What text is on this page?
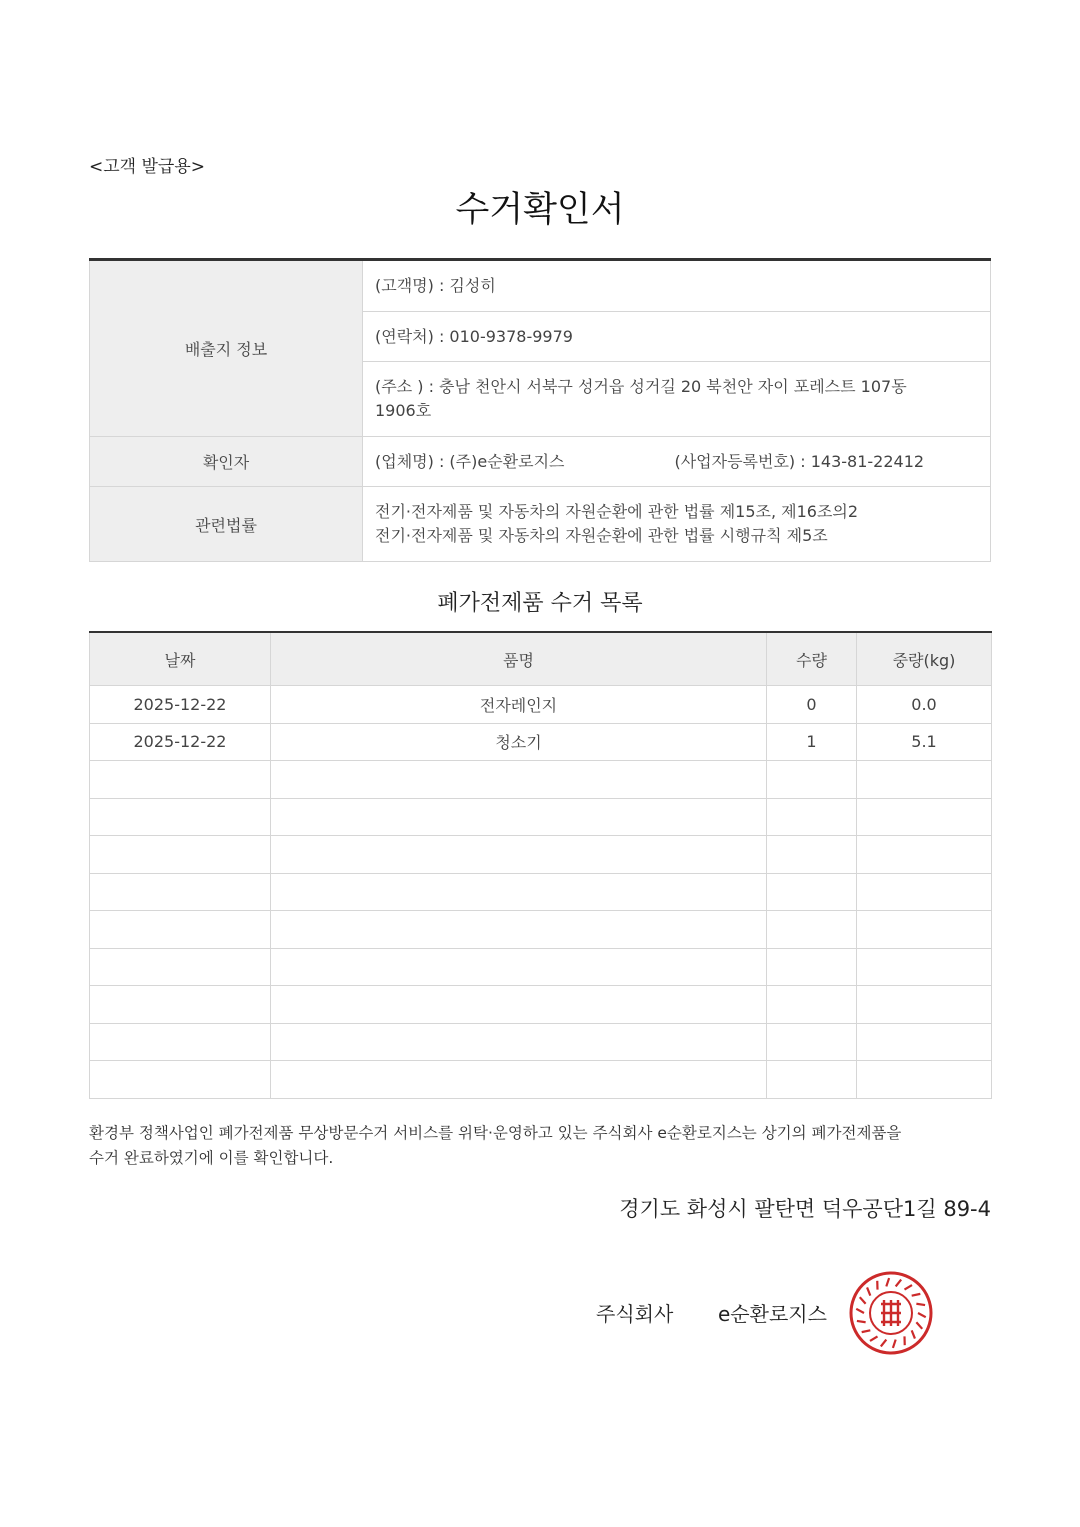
<고객 발급용>
수거확인서
배출지 정보	(고객명) : 김성히
	(연락처) : 010-9378-9979

	(주소 ) : 충남 천안시 서북구 성거읍 성거길 20 북천안 자이 포레스트 107동
1906호

확인자	(업체명) : (주)e순환로지스 (사업자등록번호) : 143-81-22412
관련법률	전기·전자제품 및 자동차의 자원순환에 관한 법률 제15조, 제16조의2
전기·전자제품 및 자동차의 자원순환에 관한 법률 시행규칙 제5조
폐가전제품 수거 목록
날짜	품명	수량	중량(kg)
2025-12-22	전자레인지	0	0.0
2025-12-22	청소기	1	5.1

환경부 정책사업인 폐가전제품 무상방문수거 서비스를 위탁·운영하고 있는 주식회사 e순환로지스는 상기의 폐가전제품을
수거 완료하였기에 이를 확인합니다.
경기도 화성시 팔탄면 덕우공단1길 89-4
주식회사 e순환로지스
